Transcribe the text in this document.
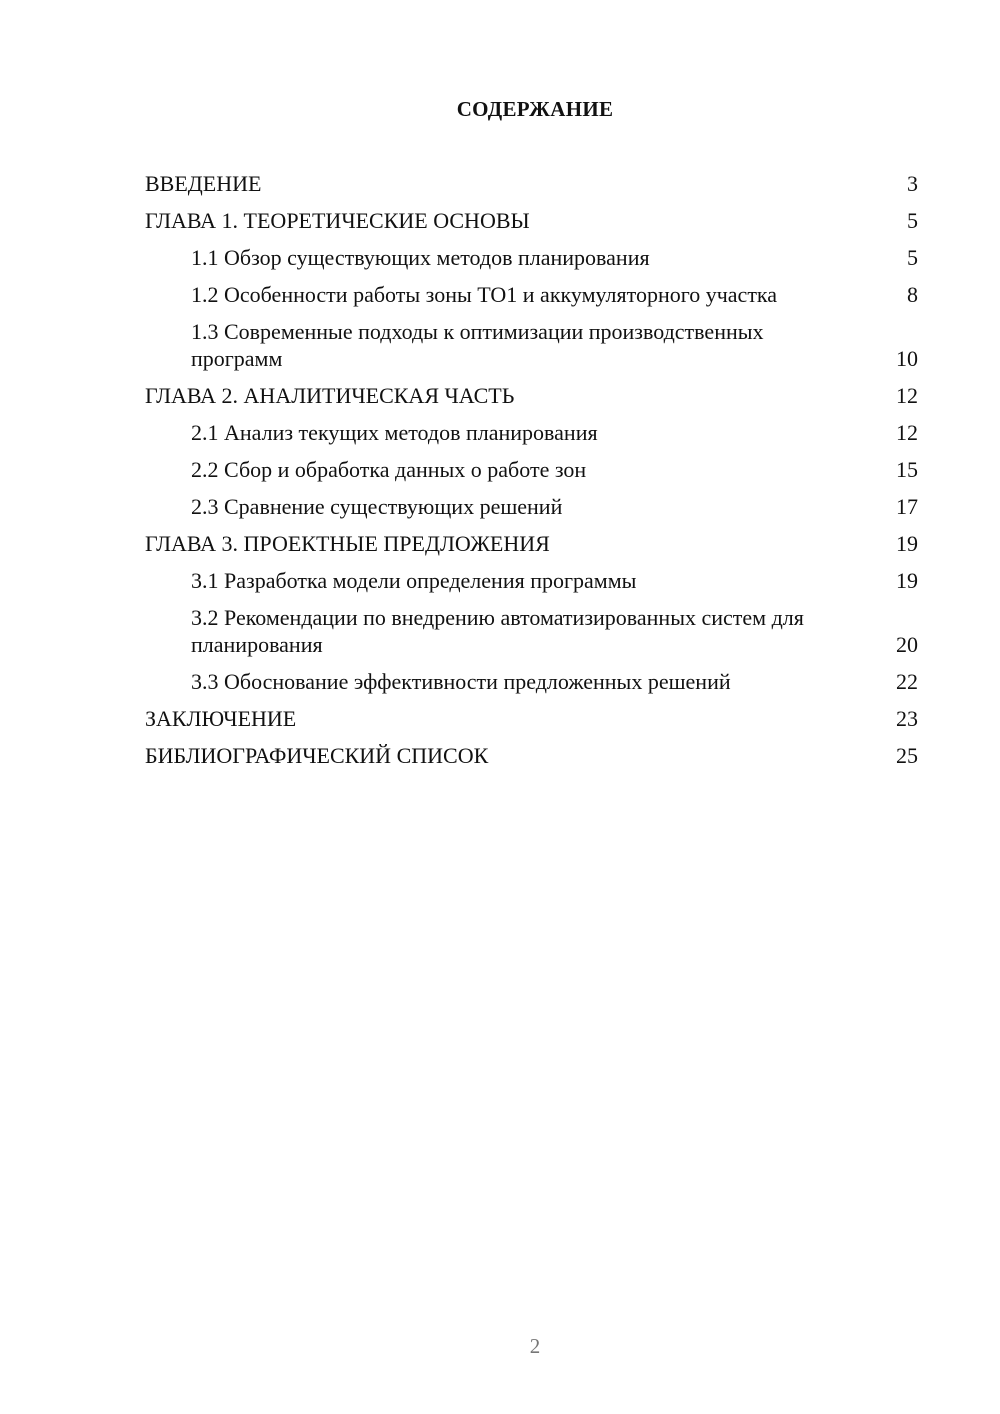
СОДЕРЖАНИЕ
ВВЕДЕНИЕ	3
ГЛАВА 1. ТЕОРЕТИЧЕСКИЕ ОСНОВЫ	5
1.1 Обзор существующих методов планирования	5
1.2 Особенности работы зоны ТО1 и аккумуляторного участка	8
1.3 Современные подходы к оптимизации производственных программ	10
ГЛАВА 2. АНАЛИТИЧЕСКАЯ ЧАСТЬ	12
2.1 Анализ текущих методов планирования	12
2.2 Сбор и обработка данных о работе зон	15
2.3 Сравнение существующих решений	17
ГЛАВА 3. ПРОЕКТНЫЕ ПРЕДЛОЖЕНИЯ	19
3.1 Разработка модели определения программы	19
3.2 Рекомендации по внедрению автоматизированных систем для планирования	20
3.3 Обоснование эффективности предложенных решений	22
ЗАКЛЮЧЕНИЕ	23
БИБЛИОГРАФИЧЕСКИЙ СПИСОК	25
2
